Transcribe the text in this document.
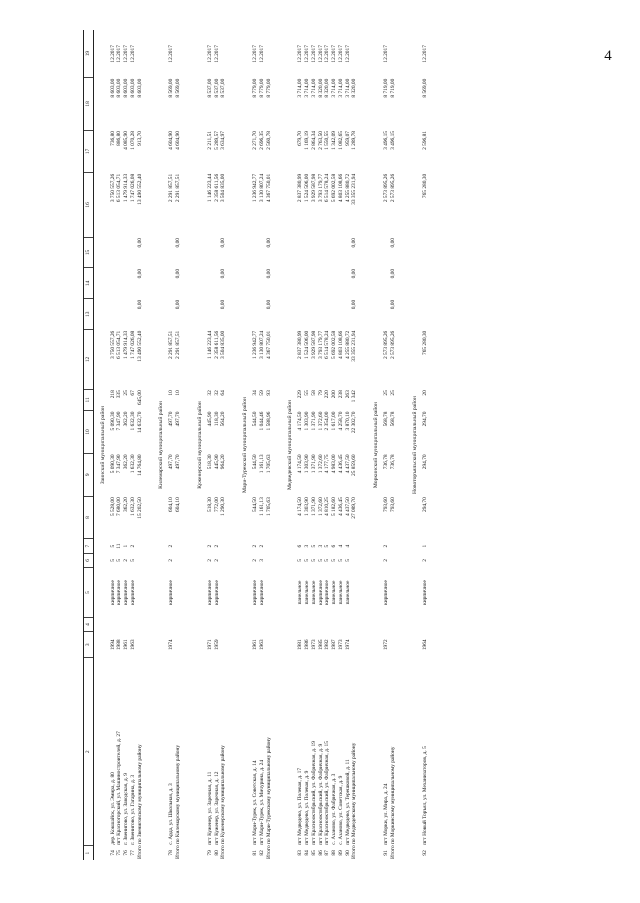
4
1	2	3	4	5	6	7	8	9	10	11	12	13	14	15	16	17	18	19
Заинский муниципальный район																		
74	дер. Кокшайск, ул. Эмира, д. 80	1994		кирпичное	5	5	5 528,00	5 090,30	5 090,30	218	3 750 557,26				3 750 557,26	736,80	8 603,00	12.2017
75	пгт Красногорский, ул. Машиностроителей, д. 27	1988		кирпичное	5	11	7 680,00	7 347,90	7 347,90	335	6 513 054,71				6 513 054,71	886,80	8 603,00	12.2017
76	г. Звенигово, ул. Заводская, д. 9	1961		кирпичное	2	1	362,20	362,20	362,20	25	1 479 914,33				1 479 914,33	4 085,90	8 603,00	12.2017
77	г. Звенигово, ул. Гагарина, д. 3	1963		кирпичное	5	2	1 632,30	1 632,30	1 632,30	67	1 747 026,08				1 747 026,08	1 070,28	8 603,00	12.2017
Итого по Звениговскому муниципальному району							15 202,50	14 764,80	14 632,70	645,00	13 490 552,40	0,00	0,00	0,00	13 490 552,40	913,70	8 603,00	

Килемарский муниципальный район																		
78	с. Арда, ул. Школьная, д. 3	1974		кирпичное	2	2	604,10	497,70	497,70	10	2 291 857,51				2 291 857,51	4 604,90	8 569,00	12.2017
Итого по Килемарскому муниципальному району							604,10	497,70	497,70	10	2 291 857,51	0,00	0,00	0,00	2 291 857,51	4 604,90	8 569,00	

Куженерский муниципальный район																		
79	пгт Куженер, ул. Заречная, д. 11	1971		кирпичное	2	2	518,30	518,30	445,90	32	1 146 223,44				1 146 223,44	2 211,51	8 537,00	12.2017
80	пгт Куженер, ул. Заречная, д. 12	1959		кирпичное	2	2	772,00	445,90	118,30	32	2 358 611,56				2 358 611,56	5 289,57	8 537,00	12.2017
Итого по Куженерскому муниципальному району							1 290,30	964,20	564,20	64	3 504 835,00	0,00	0,00	0,00	3 504 835,00	3 634,97	8 537,00	

Мари-Турекский муниципальный район																		
81	пгт Мари-Турек, ул. Советская, д. 14	1961		кирпичное	2	2	544,50	544,50	544,50	34	1 236 942,77				1 236 942,77	2 271,70	8 779,00	12.2017
82	пгт Мари-Турек, ул. Мичурина, д. 24	1963		кирпичное	3	2	1 161,13	1 161,13	1 044,46	59	3 130 807,24				3 130 807,24	2 696,35	8 779,00	12.2017
Итого по Мари-Турекскому муниципальному району							1 705,63	1 705,63	1 588,96	93	4 367 750,01	0,00	0,00	0,00	4 367 750,01	2 560,78	8 779,00	

Медведевский муниципальный район																		
83	пгт Медведево, ул. Полевая, д. 17	1981		панельное	5	6	4 174,50	4 174,50	4 174,50	229	2 837 380,99				2 837 380,99	679,70	3 714,00	12.2017
84	пгт Медведево, ул. Полевая, д. 9	1986		панельное	5	3	1 303,90	1 303,90	1 303,90	55	1 524 506,00				1 524 506,00	1 169,19	3 714,00	12.2017
85	пгт Краснооктябрьский, ул. Фабричная, д. 19	1973		панельное	5	5	1 371,90	1 371,90	1 371,90	58	3 929 587,98				3 929 587,98	2 864,34	3 714,00	12.2017
86	пгт Краснооктябрьский, ул. Фабричная, д. 9	1985		кирпичное	5	3	1 372,60	1 372,60	1 372,60	79	3 793 179,77				3 793 179,77	2 763,50	8 320,00	12.2017
87	пгт Краснооктябрьский, ул. Фабричная, д. 15	1982		кирпичное	5	5	4 810,25	4 177,75	2 354,00	220	6 514 578,24				6 514 578,24	1 550,55	8 320,00	12.2017
88	с. Азаново, ул. Фабричная, д. 3	1987		панельное	5	6	5 182,60	4 983,00	1 617,00	200	5 692 002,58				5 692 002,58	1 342,09	3 714,00	12.2017
89	с. Азаново, ул. Советская, д. 9	1973		панельное	5	4	4 436,45	4 436,45	4 258,70	238	4 803 108,66				4 803 108,66	1 082,65	3 714,00	12.2017
90	пгт Медведево, ул. Терешковой, д. 11	1974		панельное	5	4	4 437,50	4 437,50	3 870,10	263	4 255 880,72				4 255 880,72	959,07	3 714,00	12.2017
Итого по Медведевскому муниципальному району							27 089,70	25 859,60	22 302,70	1 342	33 355 231,94	0,00	0,00	0,00	33 355 231,94	1 289,78	8 320,00	

Моркинский муниципальный район																		
91	пгт Морки, ул. Мира, д. 24	1972		кирпичное	2	2	793,60	736,78	568,78	25	2 573 895,26				2 573 895,26	3 496,15	8 719,00	12.2017
Итого по Моркинскому муниципальному району							793,60	736,78	568,78	25	2 573 895,26	0,00	0,00	0,00	2 573 895,26	3 496,15	8 719,00	

Новоторъяльский муниципальный район																		
92	пгт Новый Торъял, ул. Механизаторов, д. 5	1964		кирпичное	2	1	294,70	294,70	294,70	20	765 280,30				765 280,30	2 596,81	8 569,00	12.2017
